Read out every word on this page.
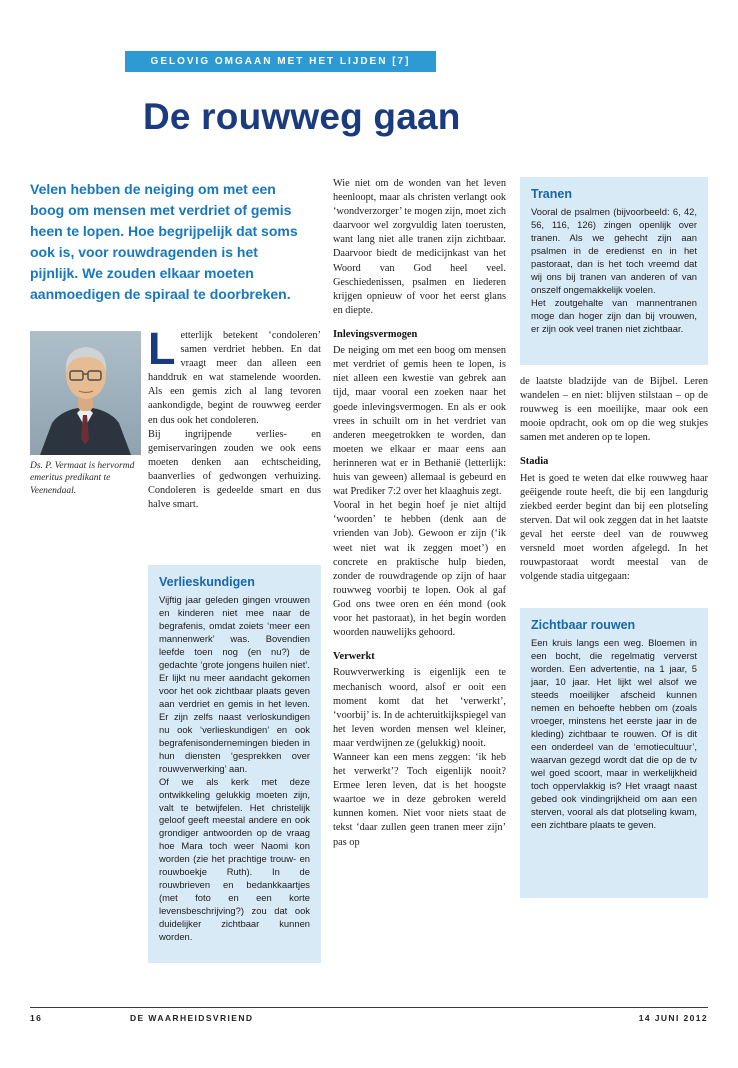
GELOVIG OMGAAN MET HET LIJDEN [7]
De rouwweg gaan
Velen hebben de neiging om met een boog om mensen met verdriet of gemis heen te lopen. Hoe begrijpelijk dat soms ook is, voor rouwdragenden is het pijnlijk. We zouden elkaar moeten aanmoedigen de spiraal te doorbreken.
Ds. P. Vermaat is hervormd emeritus predikant te Veenendaal.

Letterlijk betekent ‘condoleren’ samen verdriet hebben. En dat vraagt meer dan alleen een handdruk en wat stamelende woorden. Als een gemis zich al lang tevoren aankondigde, begint de rouwweg eerder en dus ook het condoleren.

Bij ingrijpende verlies- en gemiservaringen zouden we ook eens moeten denken aan echtscheiding, baanverlies of gedwongen verhuizing. Condoleren is gedeelde smart en dus halve smart.

Verlieskundigen

Vijftig jaar geleden gingen vrouwen en kinderen niet mee naar de begrafenis, omdat zoiets ‘meer een mannenwerk’ was. Bovendien leefde toen nog (en nu?) de gedachte ‘grote jongens huilen niet’. Er lijkt nu meer aandacht gekomen voor het ook zichtbaar plaats geven aan verdriet en gemis in het leven. Er zijn zelfs naast verloskundigen nu ook ‘verlieskundigen’ en ook begrafenisondernemingen bieden in hun diensten ‘gesprekken over rouwverwerking’ aan.

Of we als kerk met deze ontwikkeling gelukkig moeten zijn, valt te betwijfelen. Het christelijk geloof geeft meestal andere en ook grondiger antwoorden op de vraag hoe Mara toch weer Naomi kon worden (zie het prachtige trouw- en rouwboekje Ruth). In de rouwbrieven en bedankkaartjes (met foto en een korte levensbeschrijving?) zou dat ook duidelijker zichtbaar kunnen worden.

Wie niet om de wonden van het leven heenloopt, maar als christen verlangt ook ‘wondverzorger’ te mogen zijn, moet zich daarvoor wel zorgvuldig laten toerusten, want lang niet alle tranen zijn zichtbaar. Daarvoor biedt de medicijnkast van het Woord van God heel veel. Geschiedenissen, psalmen en liederen krijgen opnieuw of voor het eerst glans en diepte.

Inlevingsvermogen

De neiging om met een boog om mensen met verdriet of gemis heen te lopen, is niet alleen een kwestie van gebrek aan tijd, maar vooral een zoeken naar het goede inlevingsvermogen. En als er ook vrees in schuilt om in het verdriet van anderen meegetrokken te worden, dan moeten we elkaar er maar eens aan herinneren wat er in Bethanië (letterlijk: huis van geween) allemaal is gebeurd en wat Prediker 7:2 over het klaaghuis zegt.

Vooral in het begin hoef je niet altijd ‘woorden’ te hebben (denk aan de vrienden van Job). Gewoon er zijn (‘ik weet niet wat ik zeggen moet’) en concrete en praktische hulp bieden, zonder de rouwdragende op zijn of haar rouwweg voorbij te lopen. Ook al gaf God ons twee oren en één mond (ook voor het pastoraat), in het begin worden woorden nauwelijks gehoord.

Verwerkt

Rouwverwerking is eigenlijk een te mechanisch woord, alsof er ooit een moment komt dat het ‘verwerkt’, ‘voorbij’ is. In de achteruitkijkspiegel van het leven worden mensen wel kleiner, maar verdwijnen ze (gelukkig) nooit.

Wanneer kan een mens zeggen: ‘ik heb het verwerkt’? Toch eigenlijk nooit? Ermee leren leven, dat is het hoogste waartoe we in deze gebroken wereld kunnen komen. Niet voor niets staat de tekst ‘daar zullen geen tranen meer zijn’ pas op

Tranen

Vooral de psalmen (bijvoorbeeld: 6, 42, 56, 116, 126) zingen openlijk over tranen. Als we gehecht zijn aan psalmen in de eredienst en in het pastoraat, dan is het toch vreemd dat wij ons bij tranen van anderen of van onszelf ongemakkelijk voelen.

Het zoutgehalte van mannentranen moge dan hoger zijn dan bij vrouwen, er zijn ook veel tranen niet zichtbaar.

de laatste bladzijde van de Bijbel. Leren wandelen – en niet: blijven stilstaan – op de rouwweg is een moeilijke, maar ook een mooie opdracht, ook om op die weg stukjes samen met anderen op te lopen.

Stadia

Het is goed te weten dat elke rouwweg haar geëigende route heeft, die bij een langdurig ziekbed eerder begint dan bij een plotseling sterven. Dat wil ook zeggen dat in het laatste geval het eerste deel van de rouwweg versneld moet worden afgelegd. In het rouwpastoraat wordt meestal van de volgende stadia uitgegaan:

Zichtbaar rouwen

Een kruis langs een weg. Bloemen in een bocht, die regelmatig ververst worden. Een advertentie, na 1 jaar, 5 jaar, 10 jaar. Het lijkt wel alsof we steeds moeilijker afscheid kunnen nemen en behoefte hebben om (zoals vroeger, minstens het eerste jaar in de kleding) zichtbaar te rouwen. Of is dit een onderdeel van de ‘emotiecultuur’, waarvan gezegd wordt dat die op de tv wel goed scoort, maar in werkelijkheid toch oppervlakkig is? Het vraagt naast gebed ook vindingrijkheid om aan een sterven, vooral als dat plotseling kwam, een zichtbare plaats te geven.

16	DE WAARHEIDSVRIEND	14 JUNI 2012
